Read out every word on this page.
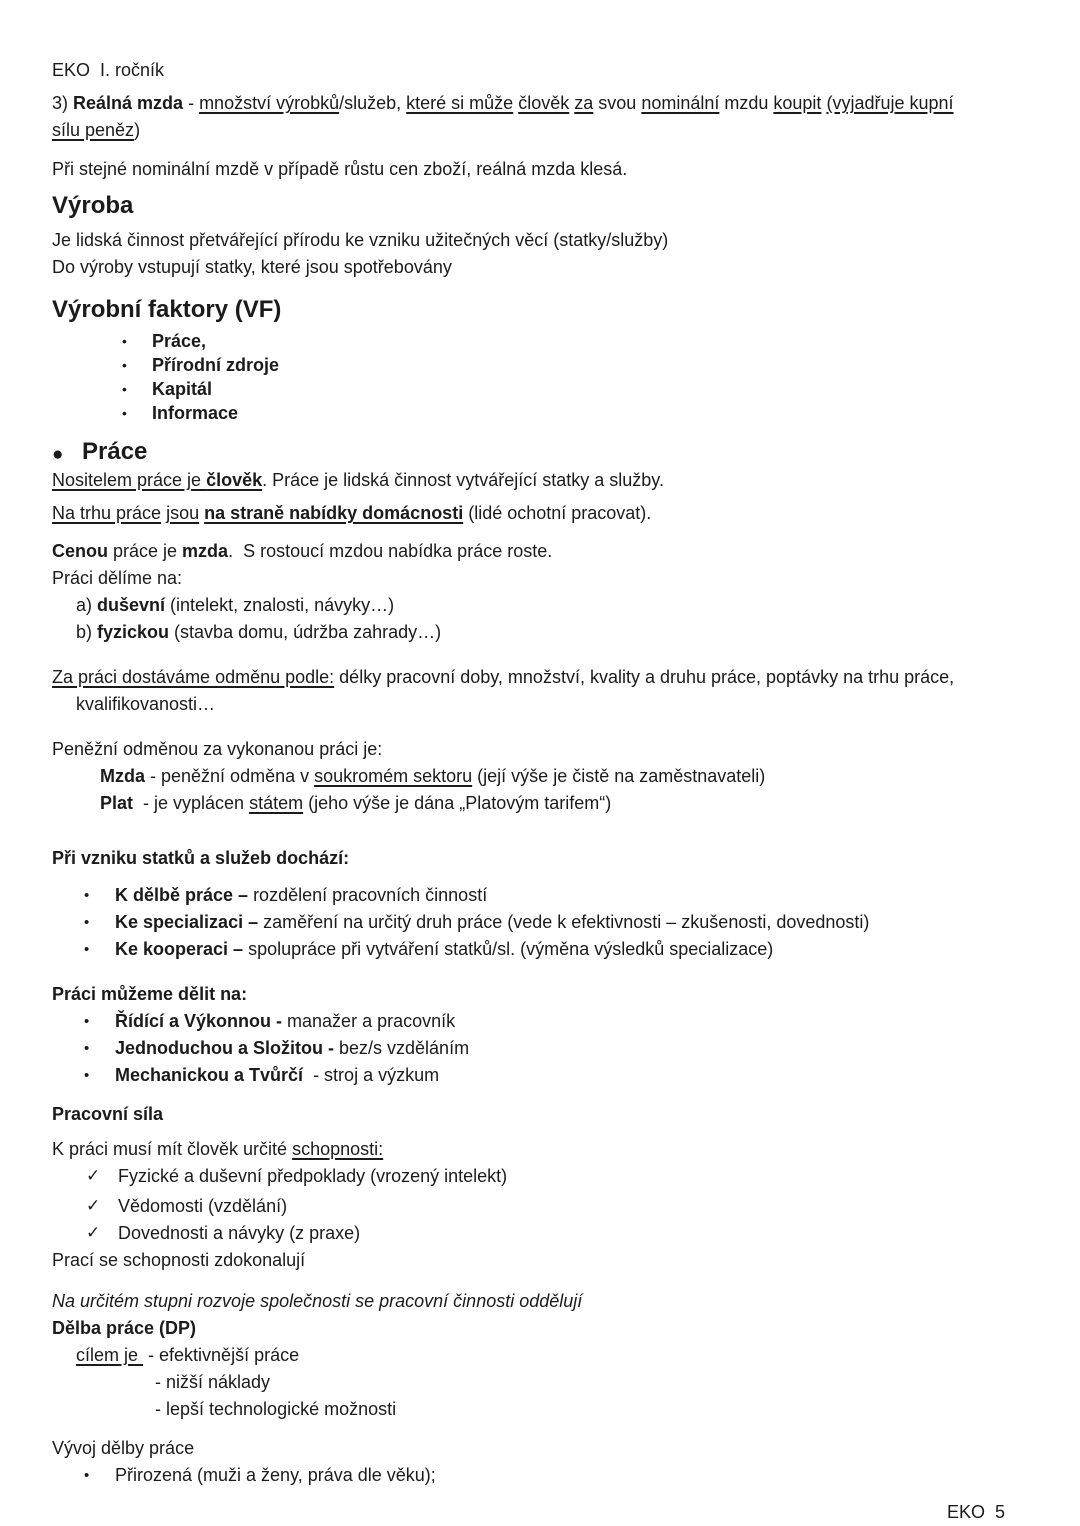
EKO  I. ročník
3) Reálná mzda - množství výrobků/služeb, které si může člověk za svou nominální mzdu koupit (vyjadřuje kupní
sílu peněz)
Při stejné nominální mzdě v případě růstu cen zboží, reálná mzda klesá.
Výroba
Je lidská činnost přetvářející přírodu ke vzniku užitečných věcí (statky/služby)
Do výroby vstupují statky, které jsou spotřebovány
Výrobní faktory (VF)
• Práce,
• Přírodní zdroje
• Kapitál
• Informace
● Práce
Nositelem práce je člověk. Práce je lidská činnost vytvářející statky a služby.
Na trhu práce jsou na straně nabídky domácnosti (lidé ochotní pracovat).
Cenou práce je mzda.  S rostoucí mzdou nabídka práce roste.
Práci dělíme na:
a) duševní (intelekt, znalosti, návyky…)
b) fyzickou (stavba domu, údržba zahrady…)
Za práci dostáváme odměnu podle: délky pracovní doby, množství, kvality a druhu práce, poptávky na trhu práce,
kvalifikovanosti…
Peněžní odměnou za vykonanou práci je:
Mzda - peněžní odměna v soukromém sektoru (její výše je čistě na zaměstnavateli)
Plat  - je vyplácen státem (jeho výše je dána „Platovým tarifem“)
Při vzniku statků a služeb dochází:
• K dělbě práce – rozdělení pracovních činností
• Ke specializaci – zaměření na určitý druh práce (vede k efektivnosti – zkušenosti, dovednosti)
• Ke kooperaci – spolupráce při vytváření statků/sl. (výměna výsledků specializace)
Práci můžeme dělit na:
• Řídící a Výkonnou - manažer a pracovník
• Jednoduchou a Složitou - bez/s vzděláním
• Mechanickou a Tvůrčí  - stroj a výzkum
Pracovní síla
K práci musí mít člověk určité schopnosti:
✓ Fyzické a duševní předpoklady (vrozený intelekt)
✓ Vědomosti (vzdělání)
✓ Dovednosti a návyky (z praxe)
Prací se schopnosti zdokonalují
Na určitém stupni rozvoje společnosti se pracovní činnosti oddělují
Dělba práce (DP)
cílem je  - efektivnější práce
- nižší náklady
- lepší technologické možnosti
Vývoj dělby práce
• Přirozená (muži a ženy, práva dle věku);

EKO  5
